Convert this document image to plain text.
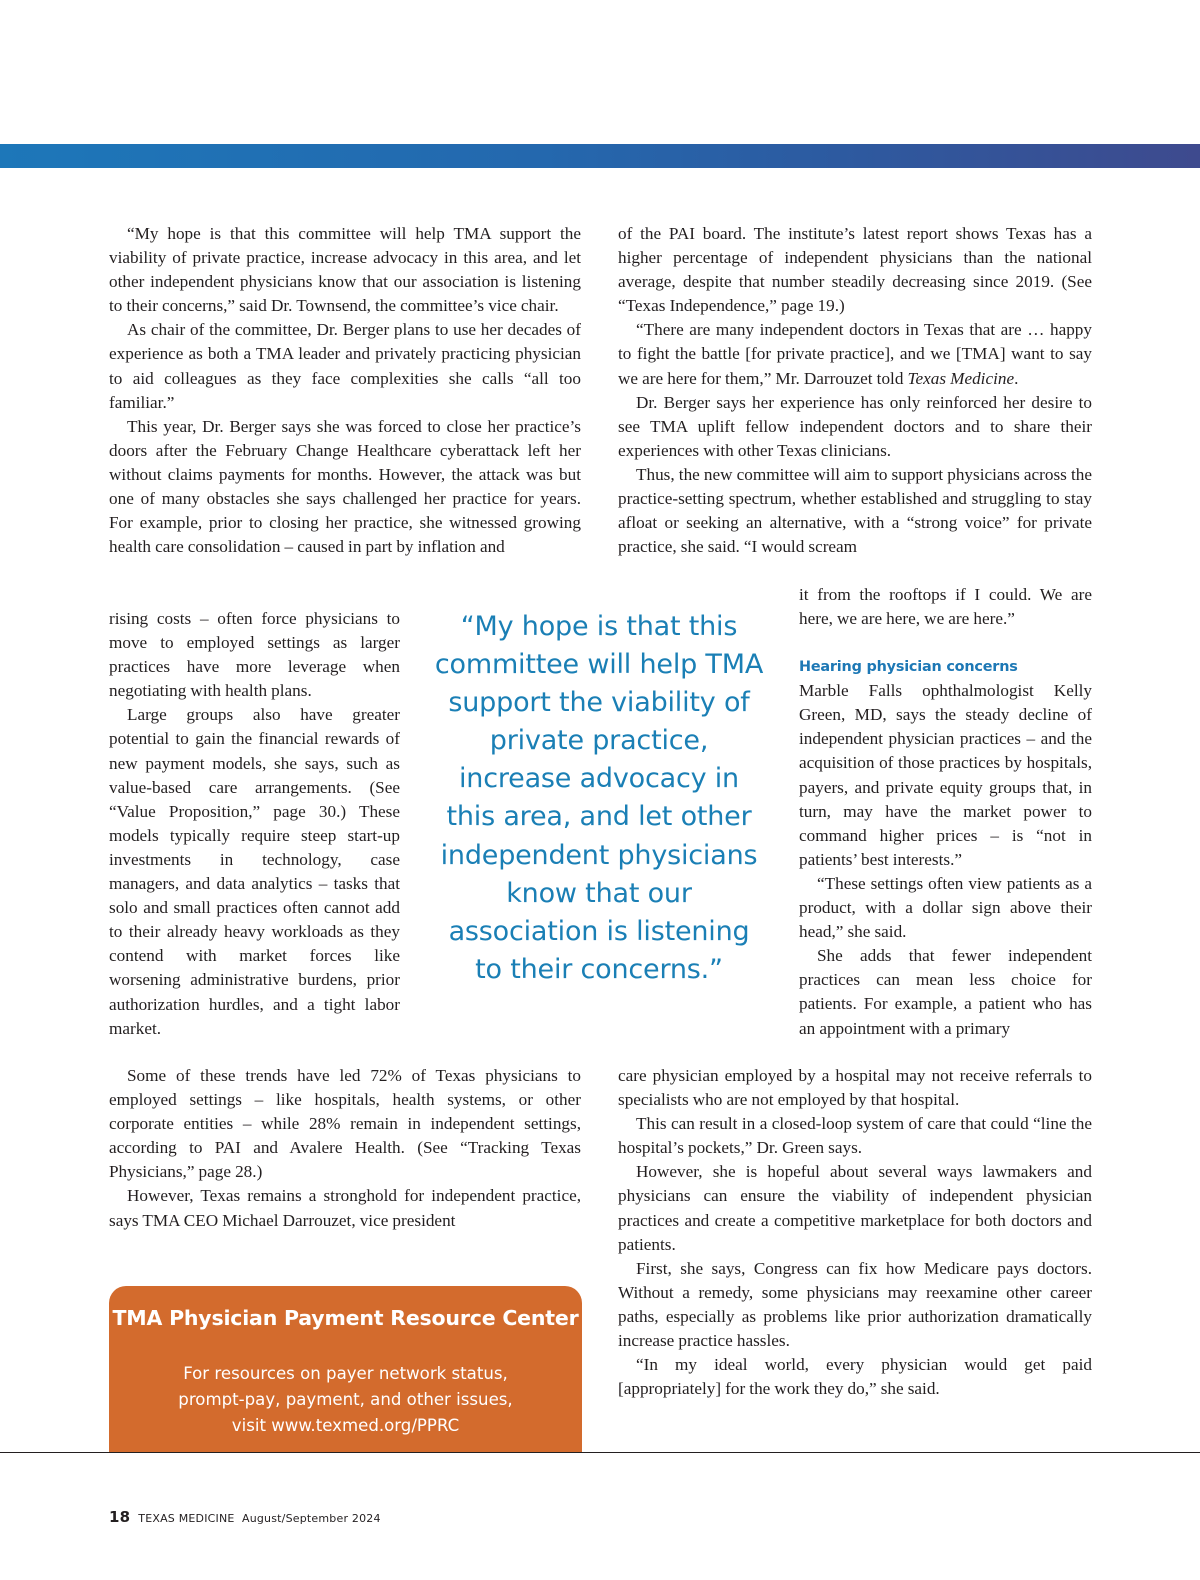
“My hope is that this committee will help TMA support the viability of private practice, increase advocacy in this area, and let other independent physicians know that our association is listening to their concerns,” said Dr. Townsend, the committee’s vice chair.

As chair of the committee, Dr. Berger plans to use her decades of experience as both a TMA leader and privately practicing physician to aid colleagues as they face complexities she calls “all too familiar.”

This year, Dr. Berger says she was forced to close her practice’s doors after the February Change Healthcare cyberattack left her without claims payments for months. However, the attack was but one of many obstacles she says challenged her practice for years. For example, prior to closing her practice, she witnessed growing health care consolidation – caused in part by inflation and

rising costs – often force physicians to move to employed settings as larger practices have more leverage when negotiating with health plans.

Large groups also have greater potential to gain the financial rewards of new payment models, she says, such as value-based care arrangements. (See “Value Proposition,” page 30.) These models typically require steep start-up investments in technology, case managers, and data analytics – tasks that solo and small practices often cannot add to their already heavy workloads as they contend with market forces like worsening administrative burdens, prior authorization hurdles, and a tight labor market.

Some of these trends have led 72% of Texas physicians to employed settings – like hospitals, health systems, or other corporate entities – while 28% remain in independent settings, according to PAI and Avalere Health. (See “Tracking Texas Physicians,” page 28.)

However, Texas remains a stronghold for independent practice, says TMA CEO Michael Darrouzet, vice president

“My hope is that this committee will help TMA support the viability of private practice, increase advocacy in this area, and let other independent physicians know that our association is listening to their concerns.”

of the PAI board. The institute’s latest report shows Texas has a higher percentage of independent physicians than the national average, despite that number steadily decreasing since 2019. (See “Texas Independence,” page 19.)

“There are many independent doctors in Texas that are … happy to fight the battle [for private practice], and we [TMA] want to say we are here for them,” Mr. Darrouzet told Texas Medicine.

Dr. Berger says her experience has only reinforced her desire to see TMA uplift fellow independent doctors and to share their experiences with other Texas clinicians.

Thus, the new committee will aim to support physicians across the practice-setting spectrum, whether established and struggling to stay afloat or seeking an alternative, with a “strong voice” for private practice, she said. “I would scream

it from the rooftops if I could. We are here, we are here, we are here.”

Hearing physician concerns

Marble Falls ophthalmologist Kelly Green, MD, says the steady decline of independent physician practices – and the acquisition of those practices by hospitals, payers, and private equity groups that, in turn, may have the market power to command higher prices – is “not in patients’ best interests.”

“These settings often view patients as a product, with a dollar sign above their head,” she said.

She adds that fewer independent practices can mean less choice for patients. For example, a patient who has an appointment with a primary

care physician employed by a hospital may not receive referrals to specialists who are not employed by that hospital.

This can result in a closed-loop system of care that could “line the hospital’s pockets,” Dr. Green says.

However, she is hopeful about several ways lawmakers and physicians can ensure the viability of independent physician practices and create a competitive marketplace for both doctors and patients.

First, she says, Congress can fix how Medicare pays doctors. Without a remedy, some physicians may reexamine other career paths, especially as problems like prior authorization dramatically increase practice hassles.

“In my ideal world, every physician would get paid [appropriately] for the work they do,” she said.

TMA Physician Payment Resource Center
For resources on payer network status,
prompt-pay, payment, and other issues,
visit www.texmed.org/PPRC
18 TEXAS MEDICINE August/September 2024
